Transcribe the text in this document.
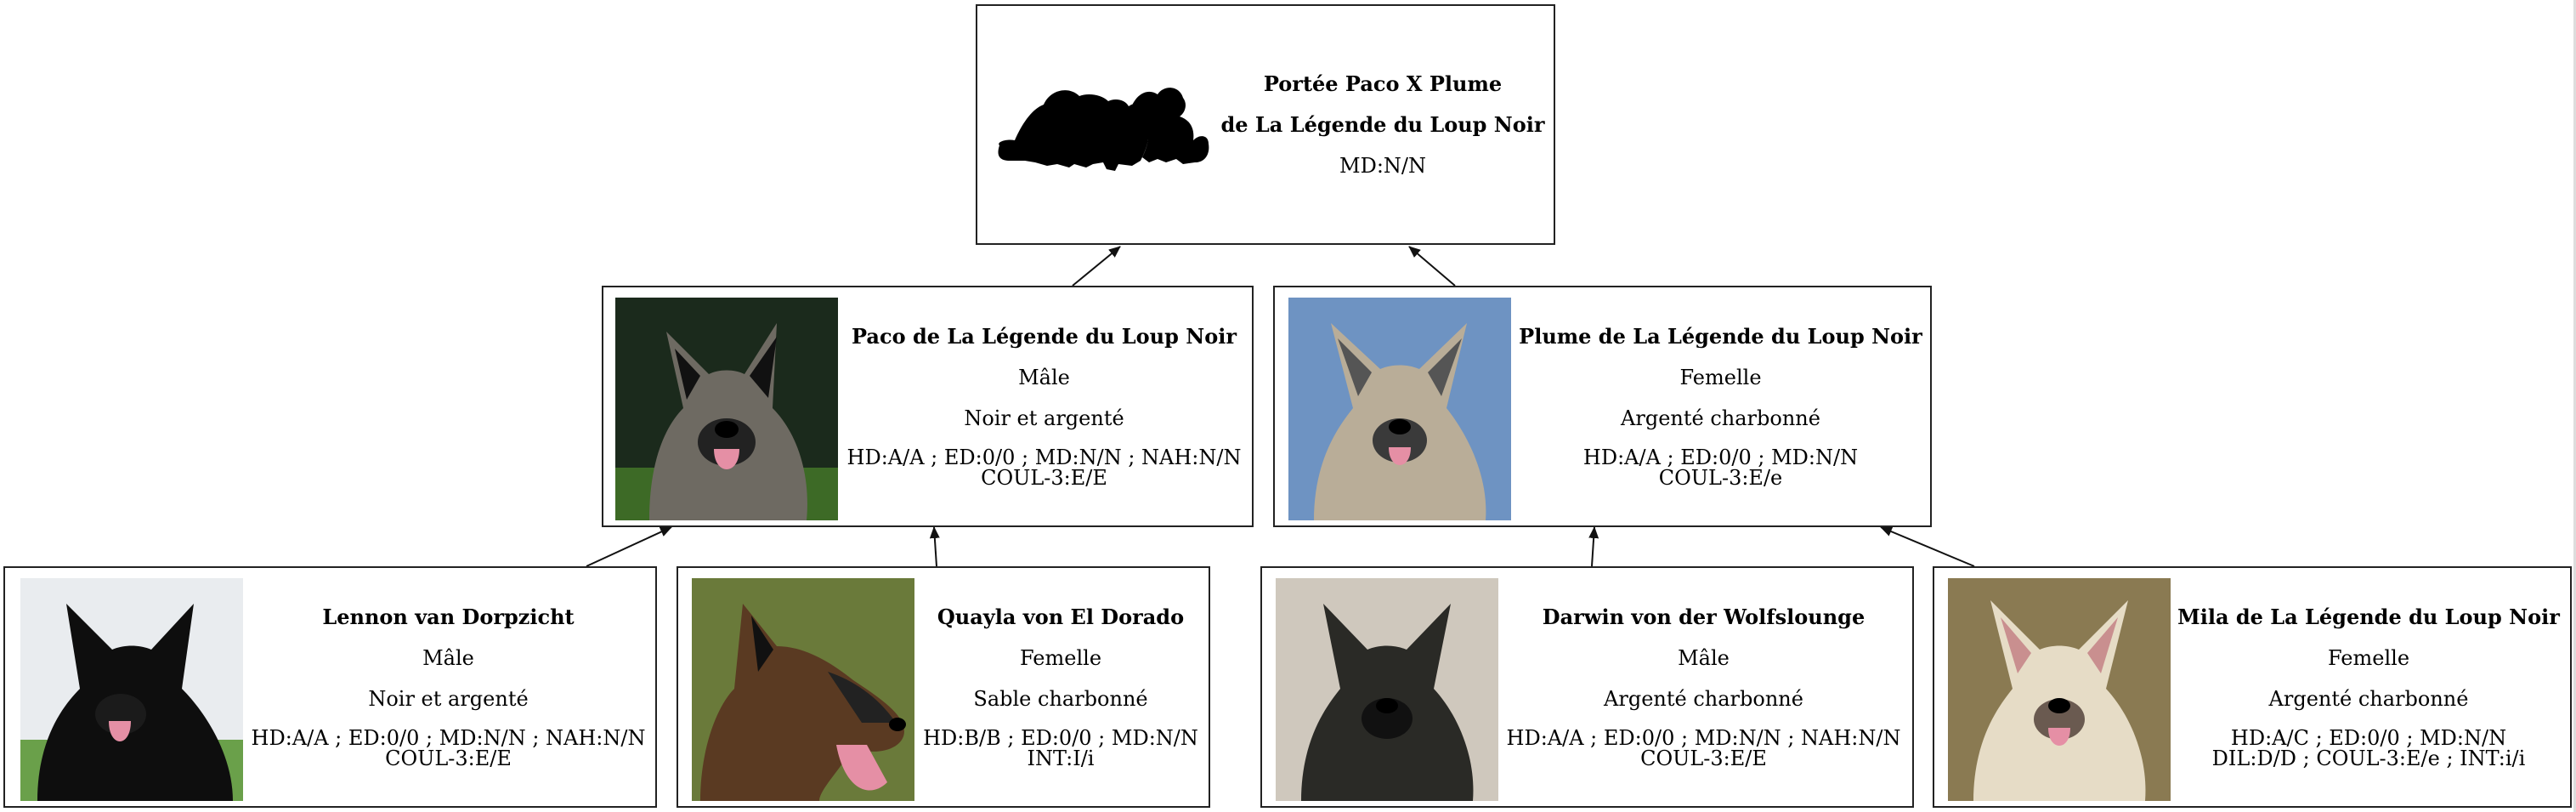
Portée Paco X Plume
de La Légende du Loup Noir
MD:N/N
Paco de La Légende du Loup Noir
Mâle
Noir et argenté
HD:A/A ; ED:0/0 ; MD:N/N ; NAH:N/N
COUL-3:E/E
Plume de La Légende du Loup Noir
Femelle
Argenté charbonné
HD:A/A ; ED:0/0 ; MD:N/N
COUL-3:E/e
Lennon van Dorpzicht
Mâle
Noir et argenté
HD:A/A ; ED:0/0 ; MD:N/N ; NAH:N/N
COUL-3:E/E
Quayla von El Dorado
Femelle
Sable charbonné
HD:B/B ; ED:0/0 ; MD:N/N
INT:I/i
Darwin von der Wolfslounge
Mâle
Argenté charbonné
HD:A/A ; ED:0/0 ; MD:N/N ; NAH:N/N
COUL-3:E/E
Mila de La Légende du Loup Noir
Femelle
Argenté charbonné
HD:A/C ; ED:0/0 ; MD:N/N
DIL:D/D ; COUL-3:E/e ; INT:i/i
